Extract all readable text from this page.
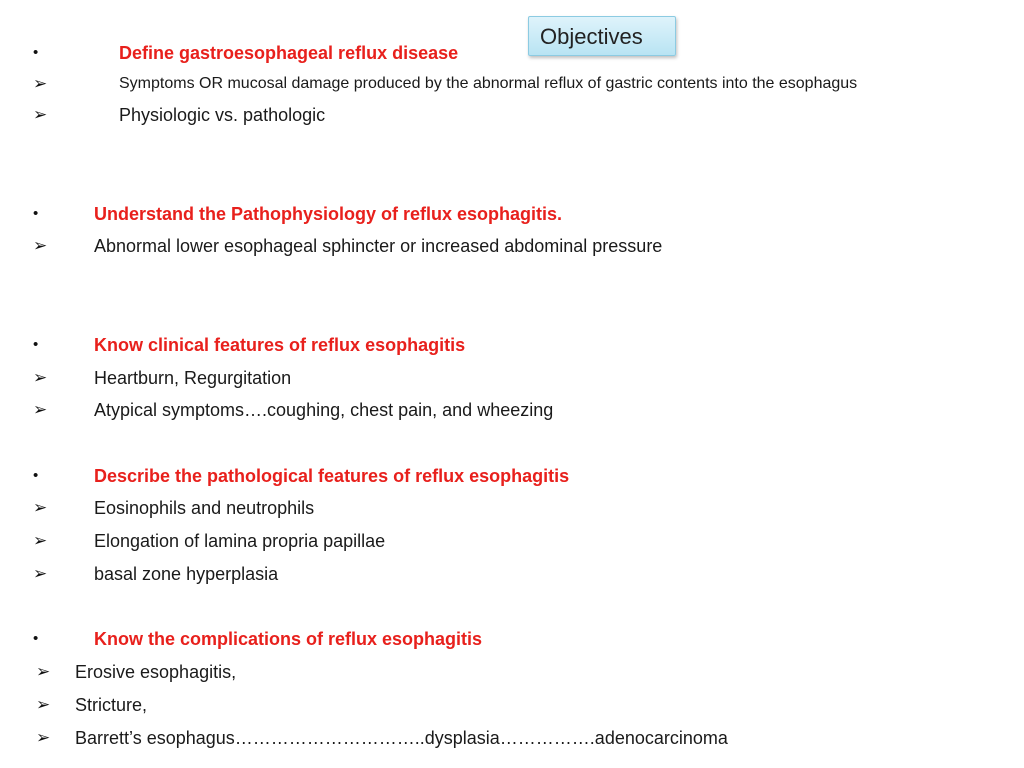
Objectives
•	Define gastroesophageal reflux disease
➢	Symptoms OR mucosal damage produced by the abnormal reflux of gastric contents into the esophagus
➢	Physiologic vs. pathologic
•	Understand the Pathophysiology of reflux esophagitis.
➢	Abnormal lower esophageal sphincter or increased abdominal pressure
•	Know clinical features of reflux esophagitis
➢	Heartburn, Regurgitation
➢	Atypical symptoms….coughing, chest pain, and wheezing
•	Describe the pathological features of reflux esophagitis
➢	Eosinophils and neutrophils
➢	Elongation of lamina propria papillae
➢	basal zone hyperplasia
•	Know the complications of reflux esophagitis
➢ Erosive esophagitis,
➢ Stricture,
➢ Barrett’s esophagus…………………………..dysplasia…………….adenocarcinoma
